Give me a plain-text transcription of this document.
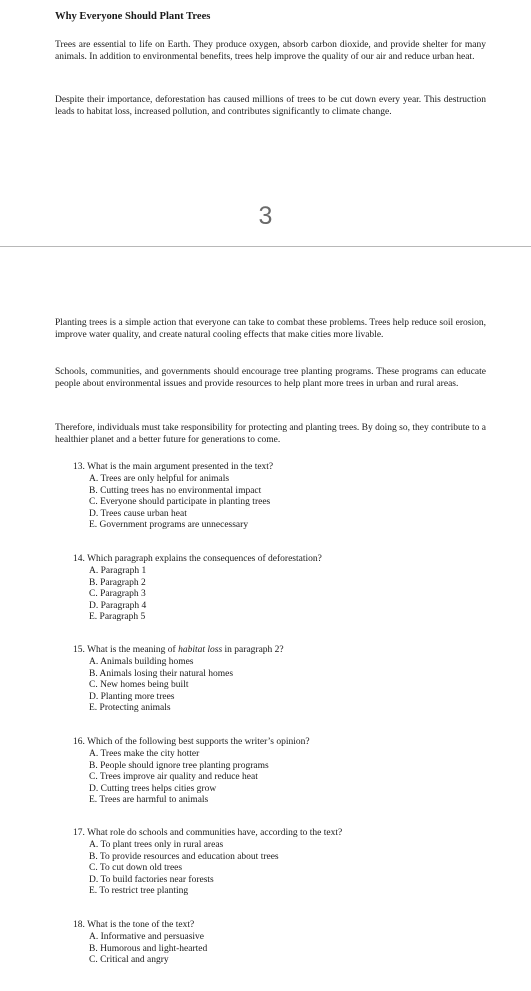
Why Everyone Should Plant Trees

Trees are essential to life on Earth. They produce oxygen, absorb carbon dioxide, and provide shelter for many animals. In addition to environmental benefits, trees help improve the quality of our air and reduce urban heat.

Despite their importance, deforestation has caused millions of trees to be cut down every year. This destruction leads to habitat loss, increased pollution, and contributes significantly to climate change.

3

Planting trees is a simple action that everyone can take to combat these problems. Trees help reduce soil erosion, improve water quality, and create natural cooling effects that make cities more livable.

Schools, communities, and governments should encourage tree planting programs. These programs can educate people about environmental issues and provide resources to help plant more trees in urban and rural areas.

Therefore, individuals must take responsibility for protecting and planting trees. By doing so, they contribute to a healthier planet and a better future for generations to come.

13. What is the main argument presented in the text?

A. Trees are only helpful for animals

B. Cutting trees has no environmental impact

C. Everyone should participate in planting trees

D. Trees cause urban heat

E. Government programs are unnecessary

14. Which paragraph explains the consequences of deforestation?

A. Paragraph 1

B. Paragraph 2

C. Paragraph 3

D. Paragraph 4

E. Paragraph 5

15. What is the meaning of habitat loss in paragraph 2?

A. Animals building homes

B. Animals losing their natural homes

C. New homes being built

D. Planting more trees

E. Protecting animals

16. Which of the following best supports the writer’s opinion?

A. Trees make the city hotter

B. People should ignore tree planting programs

C. Trees improve air quality and reduce heat

D. Cutting trees helps cities grow

E. Trees are harmful to animals

17. What role do schools and communities have, according to the text?

A. To plant trees only in rural areas

B. To provide resources and education about trees

C. To cut down old trees

D. To build factories near forests

E. To restrict tree planting

18. What is the tone of the text?

A. Informative and persuasive

B. Humorous and light-hearted

C. Critical and angry
